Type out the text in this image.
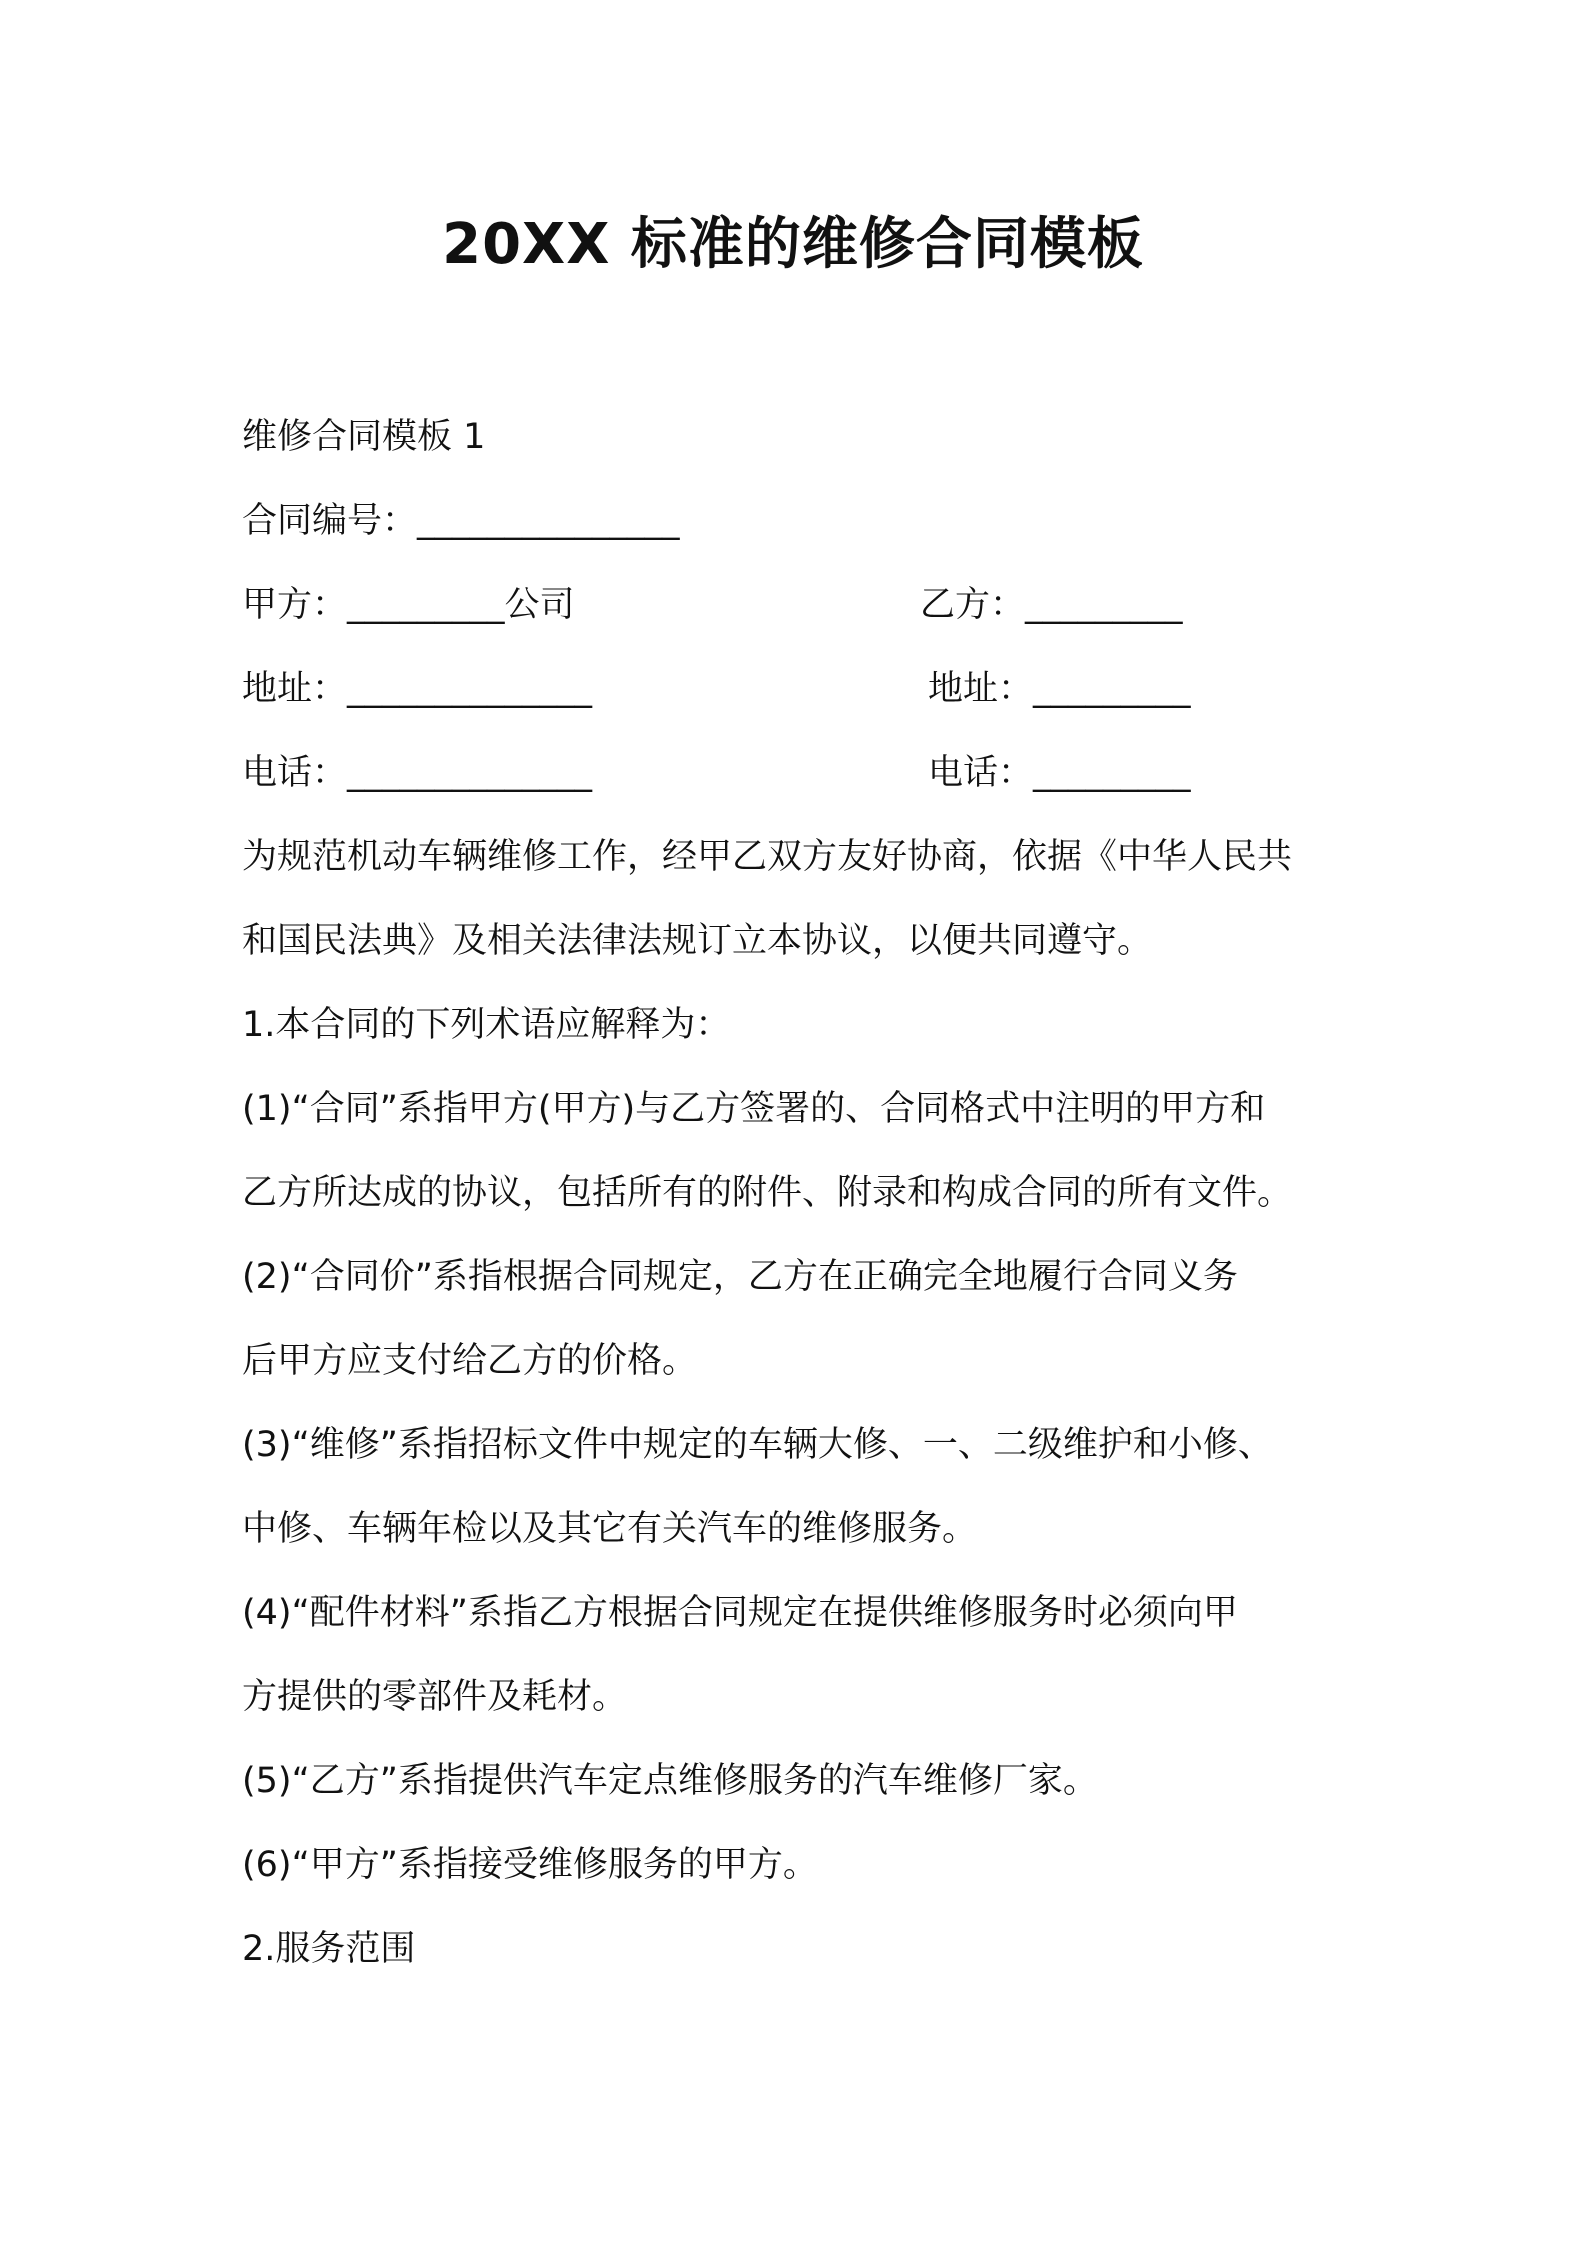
20XX 标准的维修合同模板
维修合同模板 1
合同编号：_______________
甲方：_________公司	乙方：_________
地址：______________	地址：_________
电话：______________	电话：_________
为规范机动车辆维修工作，经甲乙双方友好协商，依据《中华人民共
和国民法典》及相关法律法规订立本协议，以便共同遵守。
1.本合同的下列术语应解释为：
(1)“合同”系指甲方(甲方)与乙方签署的、合同格式中注明的甲方和
乙方所达成的协议，包括所有的附件、附录和构成合同的所有文件。
(2)“合同价”系指根据合同规定，乙方在正确完全地履行合同义务
后甲方应支付给乙方的价格。
(3)“维修”系指招标文件中规定的车辆大修、一、二级维护和小修、
中修、车辆年检以及其它有关汽车的维修服务。
(4)“配件材料”系指乙方根据合同规定在提供维修服务时必须向甲
方提供的零部件及耗材。
(5)“乙方”系指提供汽车定点维修服务的汽车维修厂家。
(6)“甲方”系指接受维修服务的甲方。
2.服务范围
